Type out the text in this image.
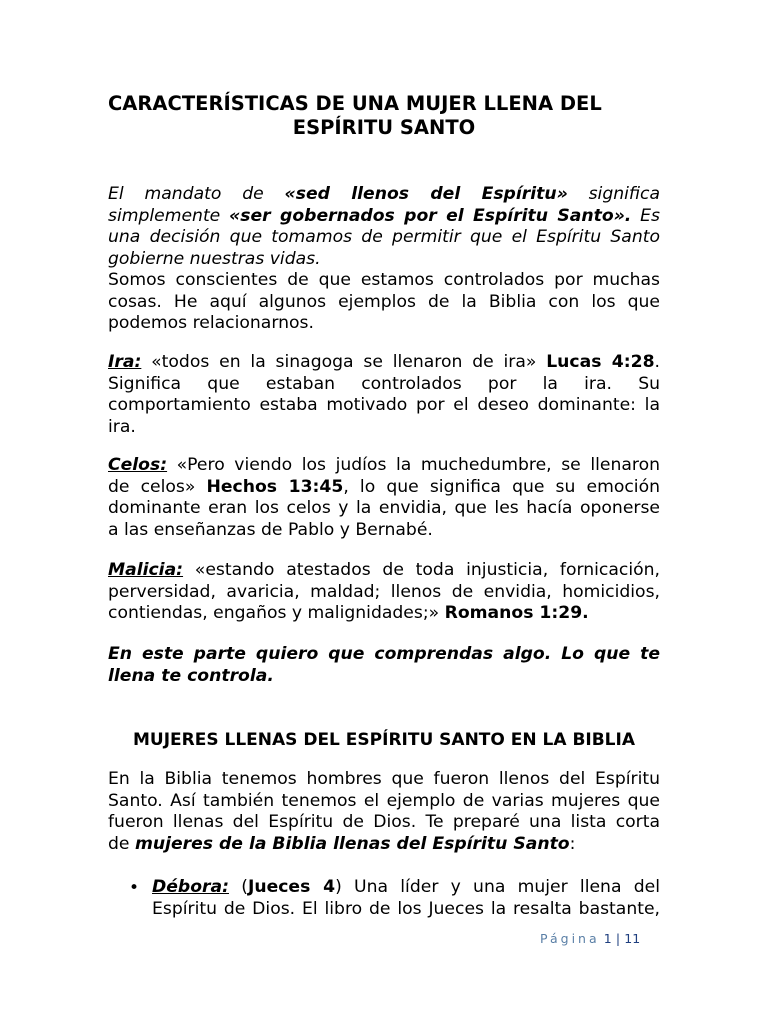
CARACTERÍSTICAS DE UNA MUJER LLENA DEL
ESPÍRITU SANTO
El mandato de «sed llenos del Espíritu» significa
simplemente «ser gobernados por el Espíritu Santo». Es
una decisión que tomamos de permitir que el Espíritu Santo
gobierne nuestras vidas.
Somos conscientes de que estamos controlados por muchas
cosas. He aquí algunos ejemplos de la Biblia con los que
podemos relacionarnos.
Ira: «todos en la sinagoga se llenaron de ira» Lucas 4:28.
Significa que estaban controlados por la ira. Su
comportamiento estaba motivado por el deseo dominante: la
ira.
Celos: «Pero viendo los judíos la muchedumbre, se llenaron
de celos» Hechos 13:45, lo que significa que su emoción
dominante eran los celos y la envidia, que les hacía oponerse
a las enseñanzas de Pablo y Bernabé.
Malicia: «estando atestados de toda injusticia, fornicación,
perversidad, avaricia, maldad; llenos de envidia, homicidios,
contiendas, engaños y malignidades;» Romanos 1:29.
En este parte quiero que comprendas algo. Lo que te
llena te controla.
MUJERES LLENAS DEL ESPÍRITU SANTO EN LA BIBLIA
En la Biblia tenemos hombres que fueron llenos del Espíritu
Santo. Así también tenemos el ejemplo de varias mujeres que
fueron llenas del Espíritu de Dios. Te preparé una lista corta
de mujeres de la Biblia llenas del Espíritu Santo:
• Débora: (Jueces 4) Una líder y una mujer llena del
Espíritu de Dios. El libro de los Jueces la resalta bastante,
Página 1 | 11
